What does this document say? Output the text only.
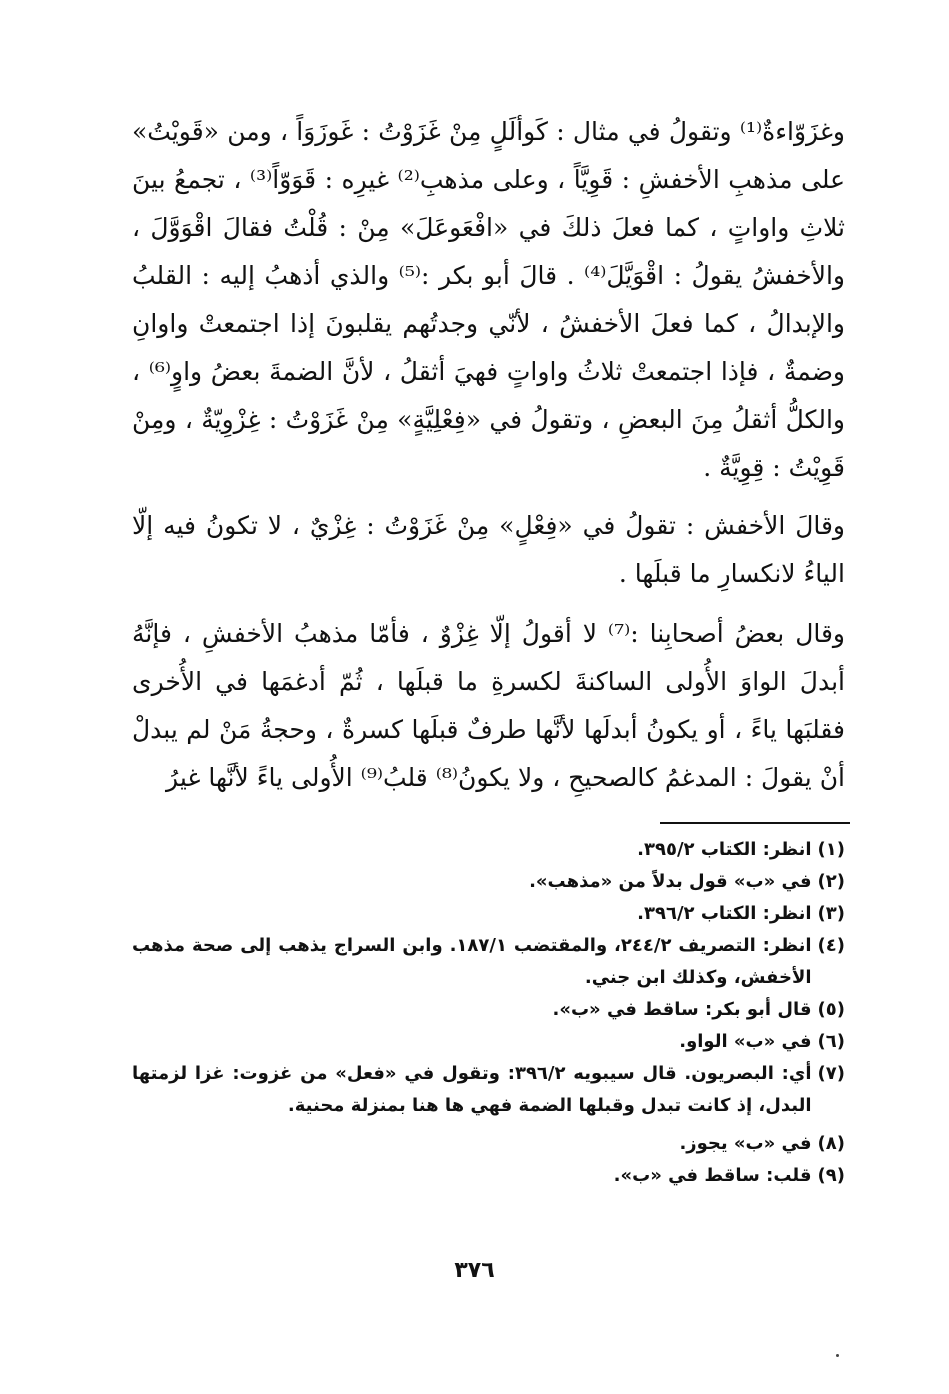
وغزَوّاءةٌ⁽¹⁾ وتقولُ في مثال : كَوألَلٍ مِنْ غَزَوْتُ : غَوزَوَاً ، ومن «قَويْتُ» على مذهبِ الأخفشِ : قَوِيَّاً ، وعلى مذهبِ⁽²⁾ غيرِه : قَوَوّاً⁽³⁾ ، تجمعُ بينَ ثلاثِ واواتٍ ، كما فعلَ ذلكَ في «افْعَوعَلَ» مِنْ : قُلْتُ فقالَ اقْوَوَّلَ ، والأخفشُ يقولُ : اقْوَيَّلَ⁽⁴⁾ . قالَ أبو بكر :⁽⁵⁾ والذي أذهبُ إليه : القلبُ والإبدالُ ، كما فعلَ الأخفشُ ، لأنّي وجدتُهم يقلبونَ إذا اجتمعتْ واوانِ وضمةٌ ، فإذا اجتمعتْ ثلاثُ واواتٍ فهيَ أثقلُ ، لأنَّ الضمةَ بعضُ واوٍ⁽⁶⁾ ، والكلُّ أثقلُ مِنَ البعضِ ، وتقولُ في «فِعْلِيَّةٍ» مِنْ غَزَوْتُ : غِزْوِيّةٌ ، ومِنْ قَوِيْتُ : قِوِيَّةٌ .

وقالَ الأخفش : تقولُ في «فِعْلٍ» مِنْ غَزَوْتُ : غِزْيٌ ، لا تكونُ فيه إلّا الياءُ لانكسارِ ما قبلَها .

وقال بعضُ أصحابِنا :⁽⁷⁾ لا أقولُ إلّا غِزْوٌ ، فأمّا مذهبُ الأخفشِ ، فإنَّهُ أبدلَ الواوَ الأُولى الساكنةَ لكسرةِ ما قبلَها ، ثُمّ أدغمَها في الأُخرى فقلبَها ياءً ، أو يكونُ أبدلَها لأنَّها طرفٌ قبلَها كسرةٌ ، وحجةُ مَنْ لم يبدلْ أنْ يقولَ : المدغمُ كالصحيحِ ، ولا يكونُ⁽⁸⁾ قلبُ⁽⁹⁾ الأُولى ياءً لأنَّها غيرُ

(١)
انظر: الكتاب ٣٩٥/٢.
(٢)
في «ب» قول بدلاً من «مذهب».
(٣)
انظر: الكتاب ٣٩٦/٢.
(٤)
انظر: التصريف ٢٤٤/٢، والمقتضب ١٨٧/١. وابن السراج يذهب إلى صحة مذهب الأخفش، وكذلك ابن جني.
(٥)
قال أبو بكر: ساقط في «ب».
(٦)
في «ب» الواو.
(٧)
أي: البصريون. قال سيبويه ٣٩٦/٢: وتقول في «فعل» من غزوت: غزا لزمتها البدل، إذ كانت تبدل وقبلها الضمة فهي ها هنا بمنزلة محنية.
(٨)
في «ب» يجوز.
(٩)
قلب: ساقط في «ب».
٣٧٦
